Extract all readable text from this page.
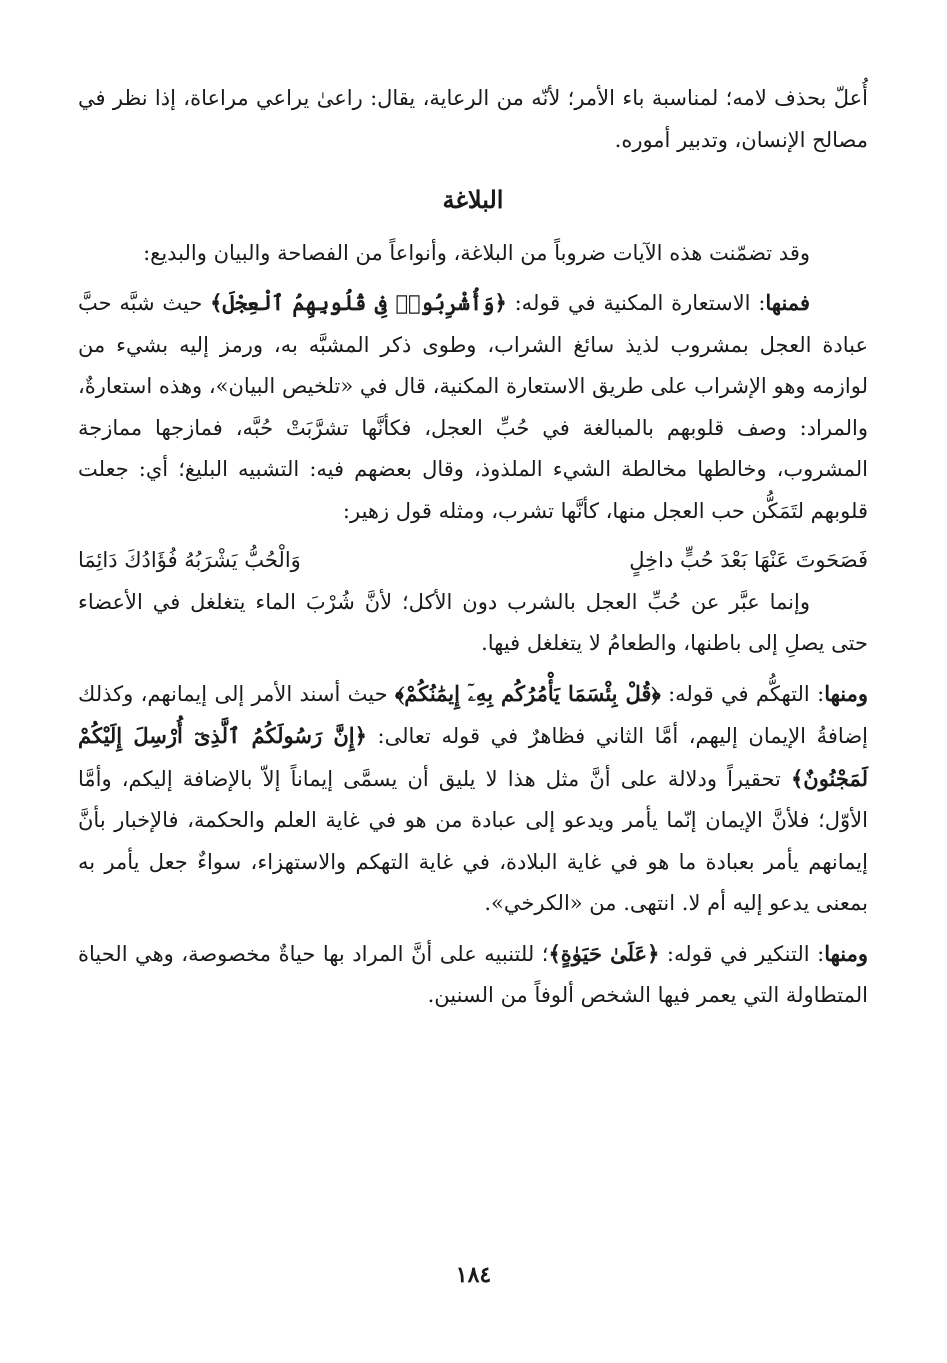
أُعلّ بحذف لامه؛ لمناسبة باء الأمر؛ لأنّه من الرعاية، يقال: راعىٰ يراعي مراعاة، إذا نظر في مصالح الإنسان، وتدبير أموره.

البلاغة

وقد تضمّنت هذه الآيات ضروباً من البلاغة، وأنواعاً من الفصاحة والبيان والبديع:

فمنها: الاستعارة المكنية في قوله: ﴿وَأُشْرِبُوا۟ فِى قُلُوبِهِمُ ٱلْعِجْلَ﴾ حيث شبَّه حبَّ عبادة العجل بمشروب لذيذ سائغ الشراب، وطوى ذكر المشبَّه به، ورمز إليه بشيء من لوازمه وهو الإشراب على طريق الاستعارة المكنية، قال في «تلخيص البيان»، وهذه استعارةٌ، والمراد: وصف قلوبهم بالمبالغة في حُبِّ العجل، فكأنَّها تشرَّبَتْ حُبَّه، فمازجها ممازجة المشروب، وخالطها مخالطة الشيء الملذوذ، وقال بعضهم فيه: التشبيه البليغ؛ أي: جعلت قلوبهم لتَمَكُّن حب العجل منها، كأنَّها تشرب، ومثله قول زهير:

فَصَحَوتَ عَنْهَا بَعْدَ حُبٍّ داخِلٍ
وَالْحُبُّ يَشْرَبُهُ فُؤَادُكَ دَائِمَا

وإنما عبَّر عن حُبِّ العجل بالشرب دون الأكل؛ لأنَّ شُرْبَ الماء يتغلغل في الأعضاء حتى يصلِ إلى باطنها، والطعامُ لا يتغلغل فيها.

ومنها: التهكُّم في قوله: ﴿قُلْ بِئْسَمَا يَأْمُرُكُم بِهِۦٓ إِيمَٰنُكُمْ﴾ حيث أسند الأمر إلى إيمانهم، وكذلك إضافةُ الإيمان إليهم، أمَّا الثاني فظاهرٌ في قوله تعالى: ﴿إِنَّ رَسُولَكُمُ ٱلَّذِىٓ أُرْسِلَ إِلَيْكُمْ لَمَجْنُونٌ﴾ تحقيراً ودلالة على أنَّ مثل هذا لا يليق أن يسمَّى إيماناً إلاّ بالإضافة إليكم، وأمَّا الأوّل؛ فلأنَّ الإيمان إنّما يأمر ويدعو إلى عبادة من هو في غاية العلم والحكمة، فالإخبار بأنَّ إيمانهم يأمر بعبادة ما هو في غاية البلادة، في غاية التهكم والاستهزاء، سواءٌ جعل يأمر به بمعنى يدعو إليه أم لا. انتهى. من «الكرخي».

ومنها: التنكير في قوله: ﴿عَلَىٰ حَيَوٰةٍ﴾؛ للتنبيه على أنَّ المراد بها حياةٌ مخصوصة، وهي الحياة المتطاولة التي يعمر فيها الشخص ألوفاً من السنين.

١٨٤
